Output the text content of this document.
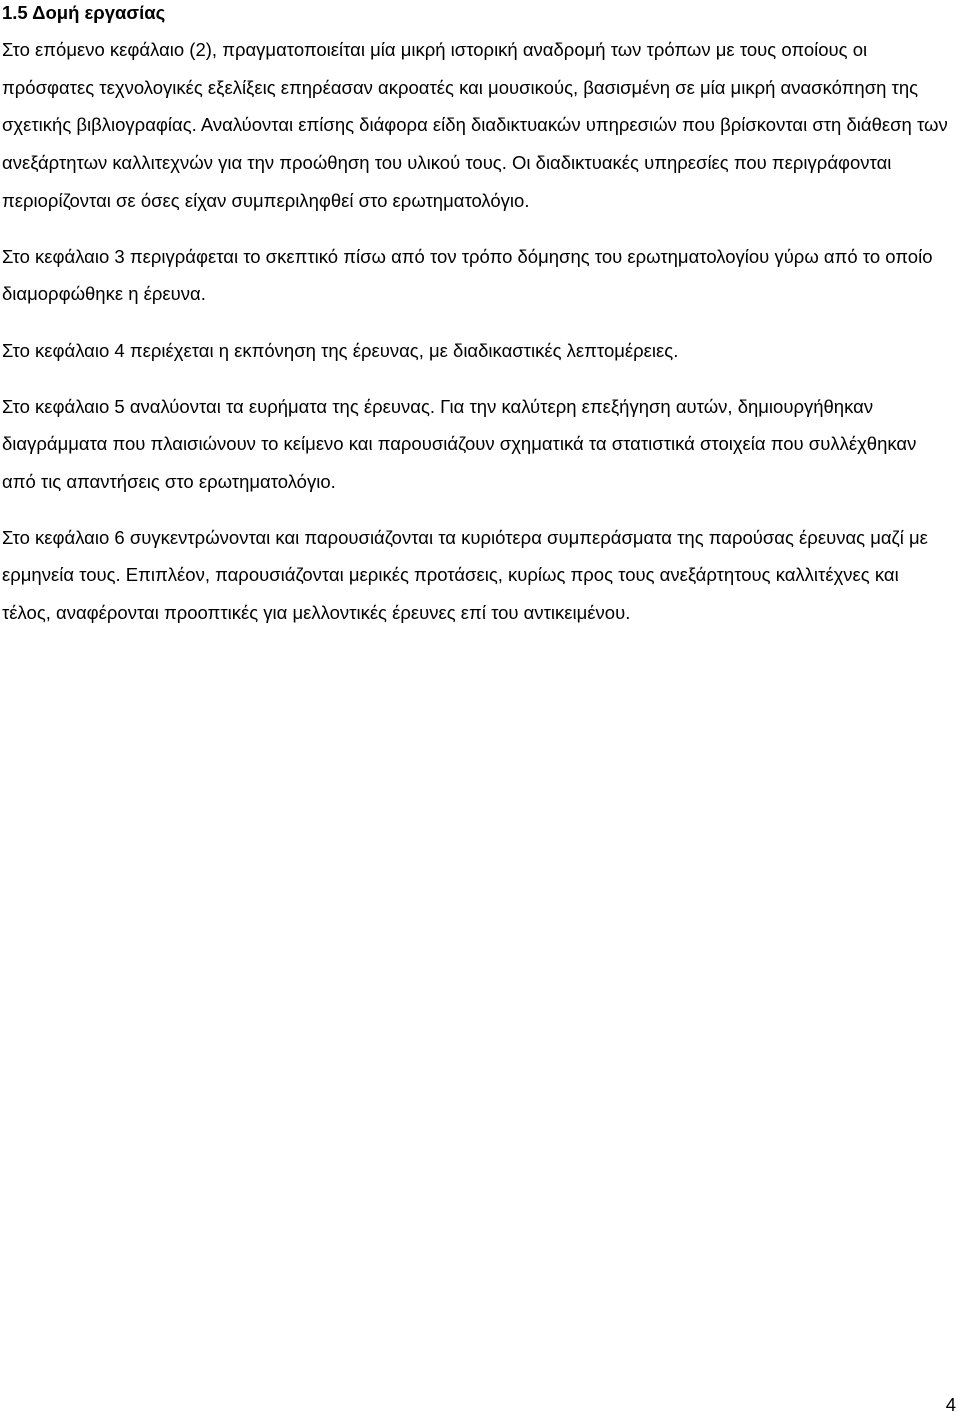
1.5 Δομή εργασίας

Στο επόμενο κεφάλαιο (2), πραγματοποιείται μία μικρή ιστορική αναδρομή των τρόπων με τους οποίους οι πρόσφατες τεχνολογικές εξελίξεις επηρέασαν ακροατές και μουσικούς, βασισμένη σε μία μικρή ανασκόπηση της σχετικής βιβλιογραφίας. Αναλύονται επίσης διάφορα είδη διαδικτυακών υπηρεσιών που βρίσκονται στη διάθεση των ανεξάρτητων καλλιτεχνών για την προώθηση του υλικού τους. Οι διαδικτυακές υπηρεσίες που περιγράφονται περιορίζονται σε όσες είχαν συμπεριληφθεί στο ερωτηματολόγιο.

Στο κεφάλαιο 3 περιγράφεται το σκεπτικό πίσω από τον τρόπο δόμησης του ερωτηματολογίου γύρω από το οποίο διαμορφώθηκε η έρευνα.

Στο κεφάλαιο 4 περιέχεται η εκπόνηση της έρευνας, με διαδικαστικές λεπτομέρειες.

Στο κεφάλαιο 5 αναλύονται τα ευρήματα της έρευνας. Για την καλύτερη επεξήγηση αυτών, δημιουργήθηκαν διαγράμματα που πλαισιώνουν το κείμενο και παρουσιάζουν σχηματικά τα στατιστικά στοιχεία που συλλέχθηκαν από τις απαντήσεις στο ερωτηματολόγιο.

Στο κεφάλαιο 6 συγκεντρώνονται και παρουσιάζονται τα κυριότερα συμπεράσματα της παρούσας έρευνας μαζί με ερμηνεία τους. Επιπλέον, παρουσιάζονται μερικές προτάσεις, κυρίως προς τους ανεξάρτητους καλλιτέχνες και τέλος, αναφέρονται προοπτικές για μελλοντικές έρευνες επί του αντικειμένου.

4
